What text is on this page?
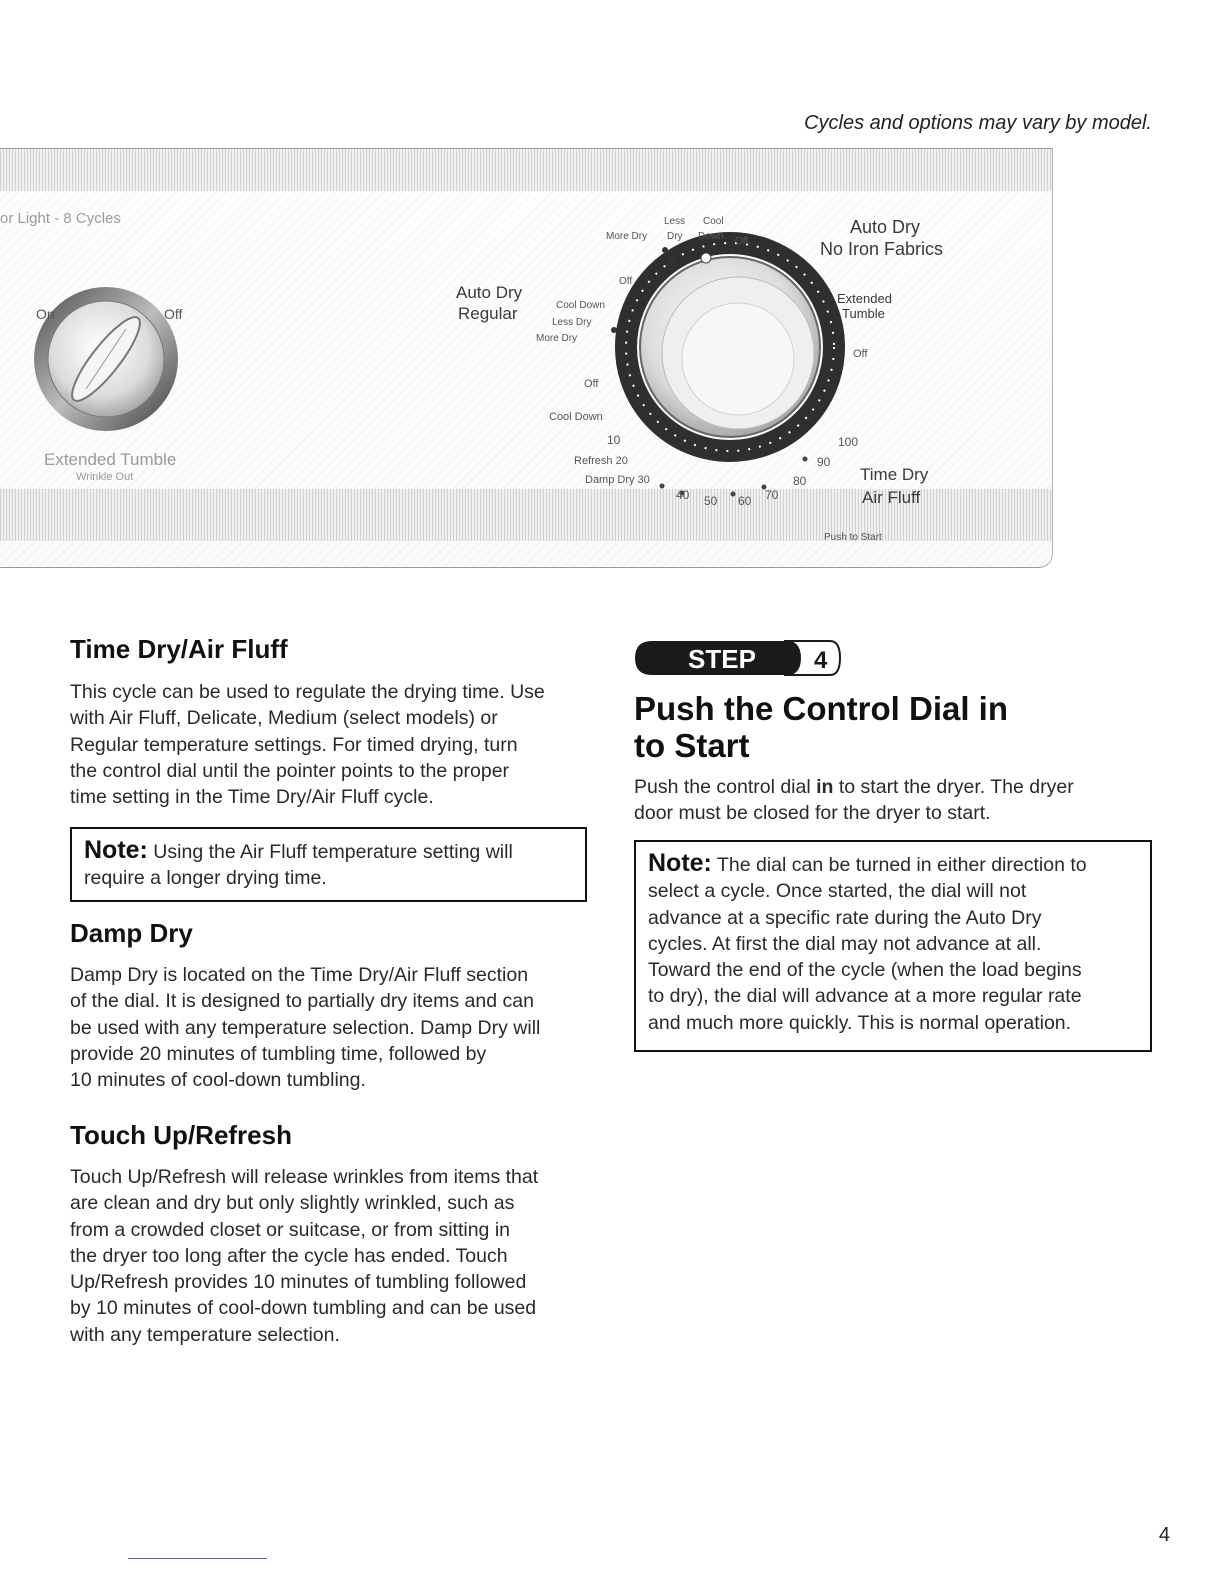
Cycles and options may vary by model.
or Light - 8 Cycles
On	Off
Extended Tumble
Wrinkle Out
Auto Dry
Regular
Off
Cool Down
Less Dry
More Dry
Less Cool
More Dry Dry Down Off
Auto Dry
No Iron Fabrics
Extended
Tumble
Off
Off
Cool Down
10
Refresh 20
Damp Dry 30
40 50 60 70
80
90
100
Time Dry
Air Fluff
Push to Start
Time Dry/Air Fluff

This cycle can be used to regulate the drying time. Use
with Air Fluff, Delicate, Medium (select models) or
Regular temperature settings. For timed drying, turn
the control dial until the pointer points to the proper
time setting in the Time Dry/Air Fluff cycle.

Note: Using the Air Fluff temperature setting will
require a longer drying time.
Damp Dry

Damp Dry is located on the Time Dry/Air Fluff section
of the dial. It is designed to partially dry items and can
be used with any temperature selection. Damp Dry will
provide 20 minutes of tumbling time, followed by
10 minutes of cool-down tumbling.

Touch Up/Refresh

Touch Up/Refresh will release wrinkles from items that
are clean and dry but only slightly wrinkled, such as
from a crowded closet or suitcase, or from sitting in
the dryer too long after the cycle has ended. Touch
Up/Refresh provides 10 minutes of tumbling followed
by 10 minutes of cool-down tumbling and can be used
with any temperature selection.

STEP 4
Push the Control Dial in
to Start

Push the control dial in to start the dryer. The dryer
door must be closed for the dryer to start.

Note: The dial can be turned in either direction to
select a cycle. Once started, the dial will not
advance at a specific rate during the Auto Dry
cycles. At first the dial may not advance at all.
Toward the end of the cycle (when the load begins
to dry), the dial will advance at a more regular rate
and much more quickly. This is normal operation.
4
